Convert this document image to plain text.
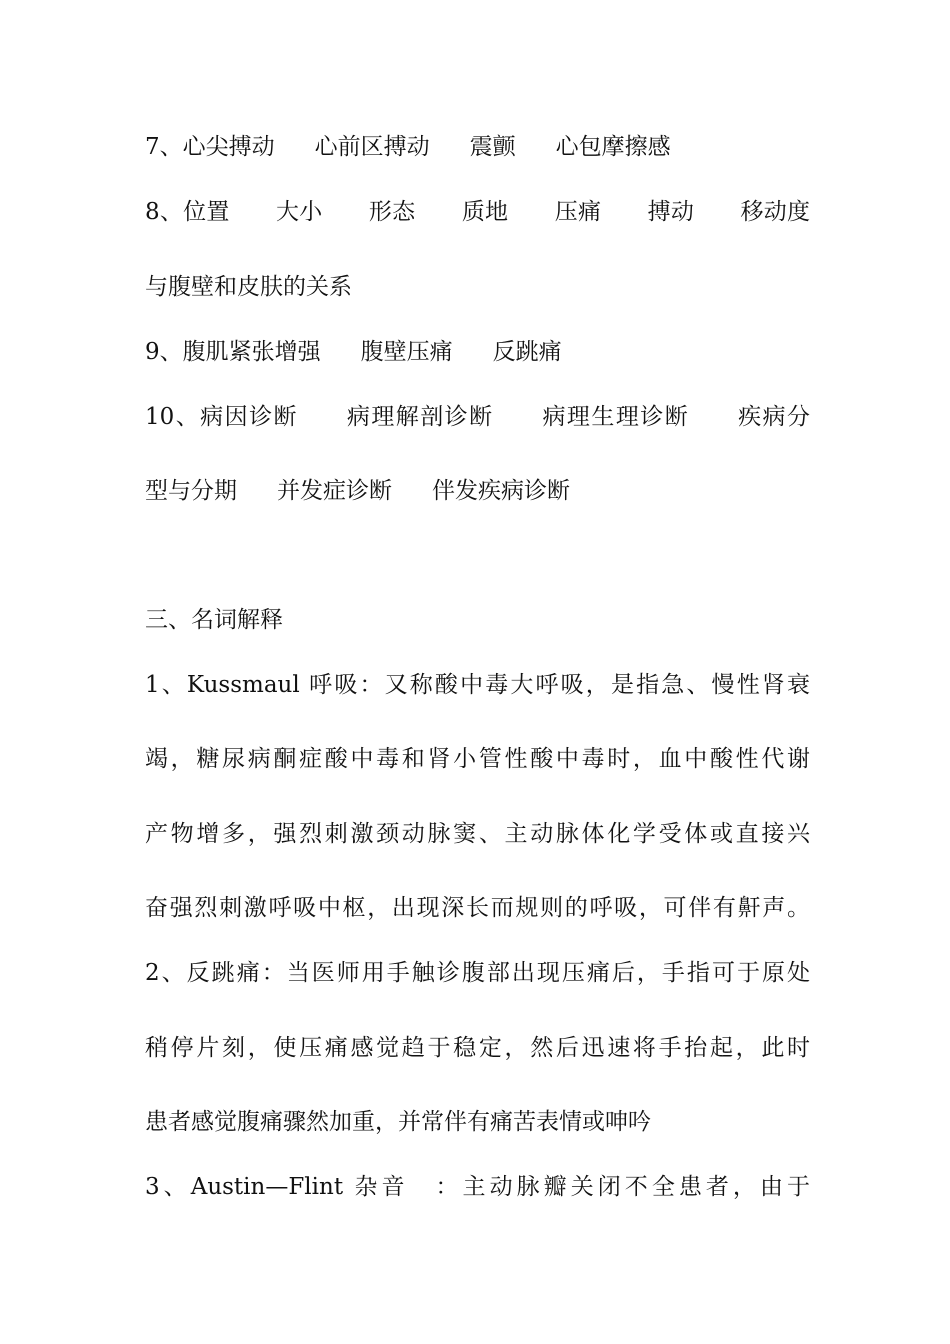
7、心尖搏动 心前区搏动 震颤 心包摩擦感
8、位置　　大小　　形态　　质地　　压痛　　搏动　　移动度
与腹壁和皮肤的关系
9、腹肌紧张增强 腹壁压痛 反跳痛
10、病因诊断　　病理解剖诊断　　病理生理诊断　　疾病分
型与分期 并发症诊断 伴发疾病诊断
三、名词解释
1、Kussmaul 呼吸：又称酸中毒大呼吸，是指急、慢性肾衰
竭，糖尿病酮症酸中毒和肾小管性酸中毒时，血中酸性代谢
产物增多，强烈刺激颈动脉窦、主动脉体化学受体或直接兴
奋强烈刺激呼吸中枢，出现深长而规则的呼吸，可伴有鼾声。
2、反跳痛：当医师用手触诊腹部出现压痛后，手指可于原处
稍停片刻，使压痛感觉趋于稳定，然后迅速将手抬起，此时
患者感觉腹痛骤然加重，并常伴有痛苦表情或呻吟
3、Austin—Flint 杂音　：主动脉瓣关闭不全患者，由于
